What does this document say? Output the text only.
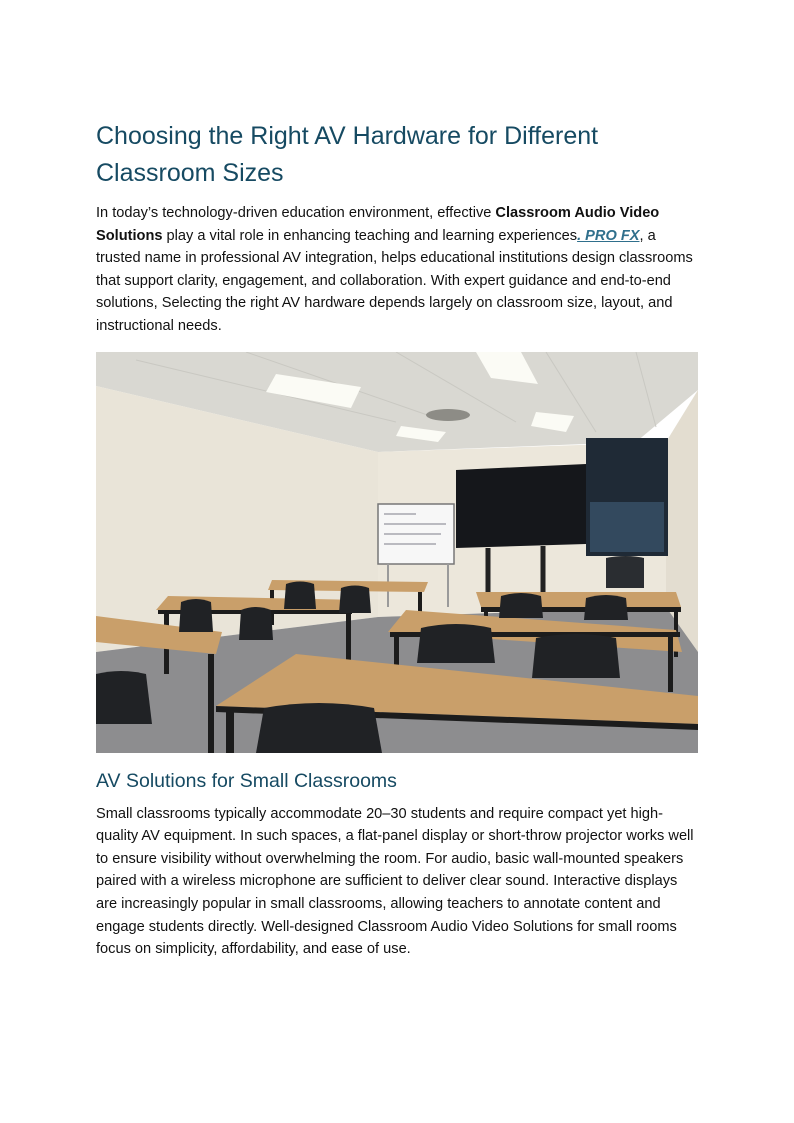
Choosing the Right AV Hardware for Different Classroom Sizes

In today’s technology-driven education environment, effective Classroom Audio Video Solutions play a vital role in enhancing teaching and learning experiences. PRO FX, a trusted name in professional AV integration, helps educational institutions design classrooms that support clarity, engagement, and collaboration. With expert guidance and end-to-end solutions, Selecting the right AV hardware depends largely on classroom size, layout, and instructional needs.

AV Solutions for Small Classrooms

Small classrooms typically accommodate 20–30 students and require compact yet high-quality AV equipment. In such spaces, a flat-panel display or short-throw projector works well to ensure visibility without overwhelming the room. For audio, basic wall-mounted speakers paired with a wireless microphone are sufficient to deliver clear sound. Interactive displays are increasingly popular in small classrooms, allowing teachers to annotate content and engage students directly. Well-designed Classroom Audio Video Solutions for small rooms focus on simplicity, affordability, and ease of use.
